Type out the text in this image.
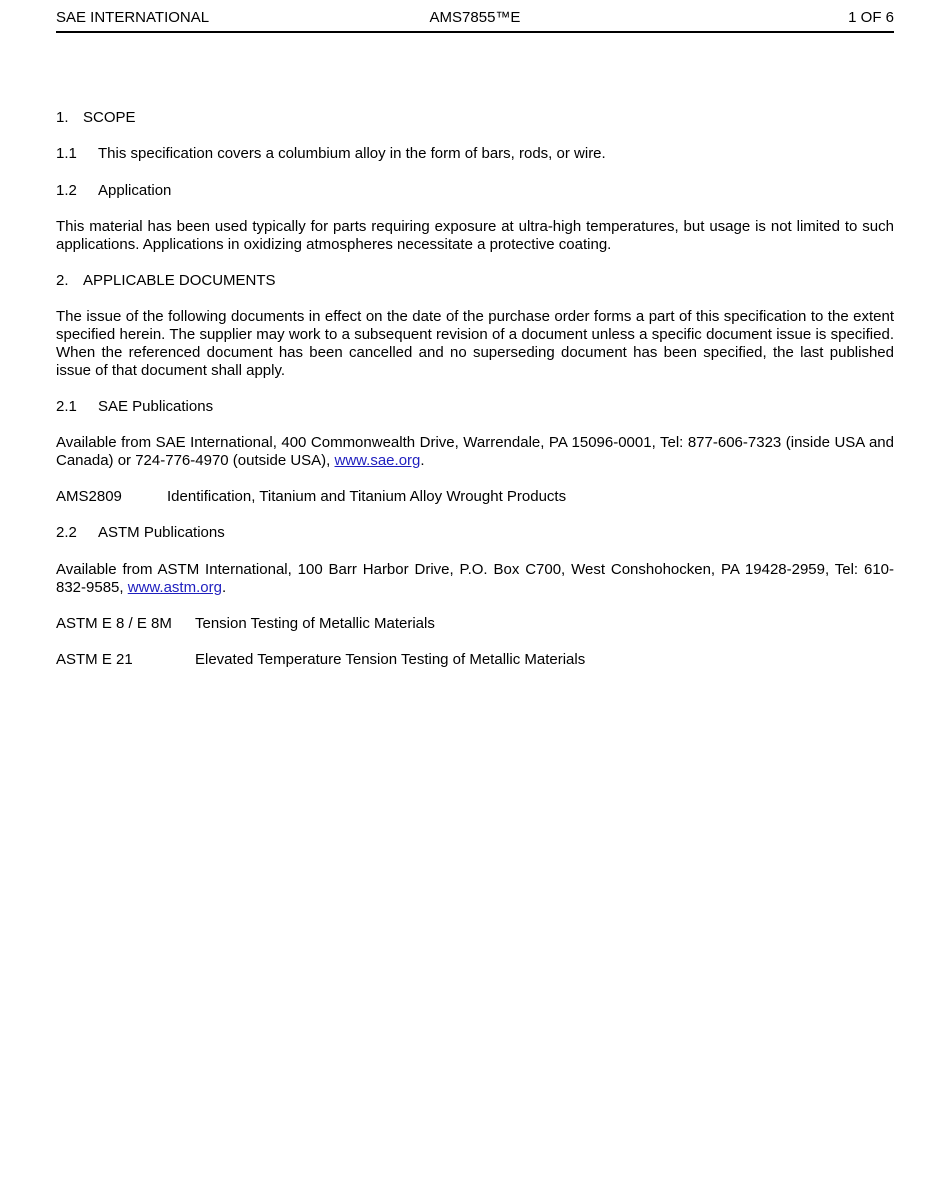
SAE INTERNATIONAL	AMS7855™E	1 OF 6
1. SCOPE
1.1 This specification covers a columbium alloy in the form of bars, rods, or wire.
1.2 Application
This material has been used typically for parts requiring exposure at ultra-high temperatures, but usage is not limited to such applications. Applications in oxidizing atmospheres necessitate a protective coating.
2. APPLICABLE DOCUMENTS
The issue of the following documents in effect on the date of the purchase order forms a part of this specification to the extent specified herein. The supplier may work to a subsequent revision of a document unless a specific document issue is specified. When the referenced document has been cancelled and no superseding document has been specified, the last published issue of that document shall apply.
2.1 SAE Publications
Available from SAE International, 400 Commonwealth Drive, Warrendale, PA 15096-0001, Tel: 877-606-7323 (inside USA and Canada) or 724-776-4970 (outside USA), www.sae.org.
AMS2809	Identification, Titanium and Titanium Alloy Wrought Products
2.2 ASTM Publications
Available from ASTM International, 100 Barr Harbor Drive, P.O. Box C700, West Conshohocken, PA 19428-2959, Tel: 610-832-9585, www.astm.org.
ASTM E 8 / E 8M Tension Testing of Metallic Materials
ASTM E 21	Elevated Temperature Tension Testing of Metallic Materials
